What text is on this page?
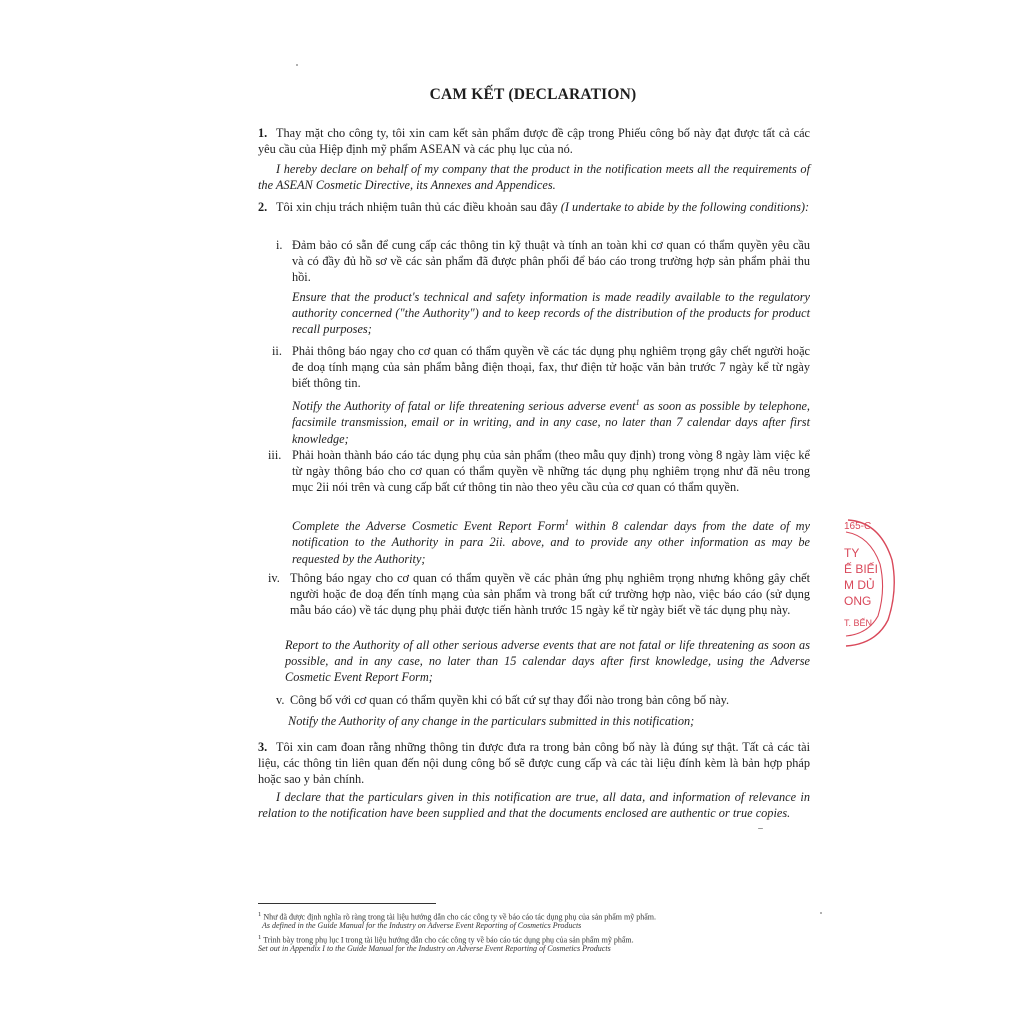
CAM KẾT (DECLARATION)
1. Thay mặt cho công ty, tôi xin cam kết sản phẩm được đề cập trong Phiếu công bố này đạt được tất cả các yêu cầu của Hiệp định mỹ phẩm ASEAN và các phụ lục của nó.
I hereby declare on behalf of my company that the product in the notification meets all the requirements of the ASEAN Cosmetic Directive, its Annexes and Appendices.
2. Tôi xin chịu trách nhiệm tuân thủ các điều khoản sau đây (I undertake to abide by the following conditions):
i. Đảm bảo có sẵn để cung cấp các thông tin kỹ thuật và tính an toàn khi cơ quan có thẩm quyền yêu cầu và có đầy đủ hồ sơ về các sản phẩm đã được phân phối để báo cáo trong trường hợp sản phẩm phải thu hồi.
Ensure that the product's technical and safety information is made readily available to the regulatory authority concerned ("the Authority") and to keep records of the distribution of the products for product recall purposes;
ii. Phải thông báo ngay cho cơ quan có thẩm quyền về các tác dụng phụ nghiêm trọng gây chết người hoặc đe doạ tính mạng của sản phẩm bằng điện thoại, fax, thư điện tử hoặc văn bản trước 7 ngày kể từ ngày biết thông tin.
Notify the Authority of fatal or life threatening serious adverse event$^1$ as soon as possible by telephone, facsimile transmission, email or in writing, and in any case, no later than 7 calendar days after first knowledge;
iii. Phải hoàn thành báo cáo tác dụng phụ của sản phẩm (theo mẫu quy định) trong vòng 8 ngày làm việc kể từ ngày thông báo cho cơ quan có thẩm quyền về những tác dụng phụ nghiêm trọng như đã nêu trong mục 2ii nói trên và cung cấp bất cứ thông tin nào theo yêu cầu của cơ quan có thẩm quyền.
Complete the Adverse Cosmetic Event Report Form$^1$ within 8 calendar days from the date of my notification to the Authority in para 2ii. above, and to provide any other information as may be requested by the Authority;
iv. Thông báo ngay cho cơ quan có thẩm quyền về các phản ứng phụ nghiêm trọng nhưng không gây chết người hoặc đe doạ đến tính mạng của sản phẩm và trong bất cứ trường hợp nào, việc báo cáo (sử dụng mẫu báo cáo) về tác dụng phụ phải được tiến hành trước 15 ngày kể từ ngày biết về tác dụng phụ này.
Report to the Authority of all other serious adverse events that are not fatal or life threatening as soon as possible, and in any case, no later than 15 calendar days after first knowledge, using the Adverse Cosmetic Event Report Form;
v. Công bố với cơ quan có thẩm quyền khi có bất cứ sự thay đổi nào trong bản công bố này.
Notify the Authority of any change in the particulars submitted in this notification;
3. Tôi xin cam đoan rằng những thông tin được đưa ra trong bản công bố này là đúng sự thật. Tất cả các tài liệu, các thông tin liên quan đến nội dung công bố sẽ được cung cấp và các tài liệu đính kèm là bản hợp pháp hoặc sao y bản chính.
I declare that the particulars given in this notification are true, all data, and information of relevance in relation to the notification have been supplied and that the documents enclosed are authentic or true copies.
$^1$ Như đã được định nghĩa rõ ràng trong tài liệu hướng dẫn cho các công ty về báo cáo tác dụng phụ của sản phẩm mỹ phẩm.
As defined in the Guide Manual for the Industry on Adverse Event Reporting of Cosmetics Products
$^1$ Trình bày trong phụ lục I trong tài liệu hướng dẫn cho các công ty về báo cáo tác dụng phụ của sản phẩm mỹ phẩm.
Set out in Appendix I to the Guide Manual for the Industry on Adverse Event Reporting of Cosmetics Products
165-C
TY
Ế BIẾI
M DỦ
ONG
T. BẾN
